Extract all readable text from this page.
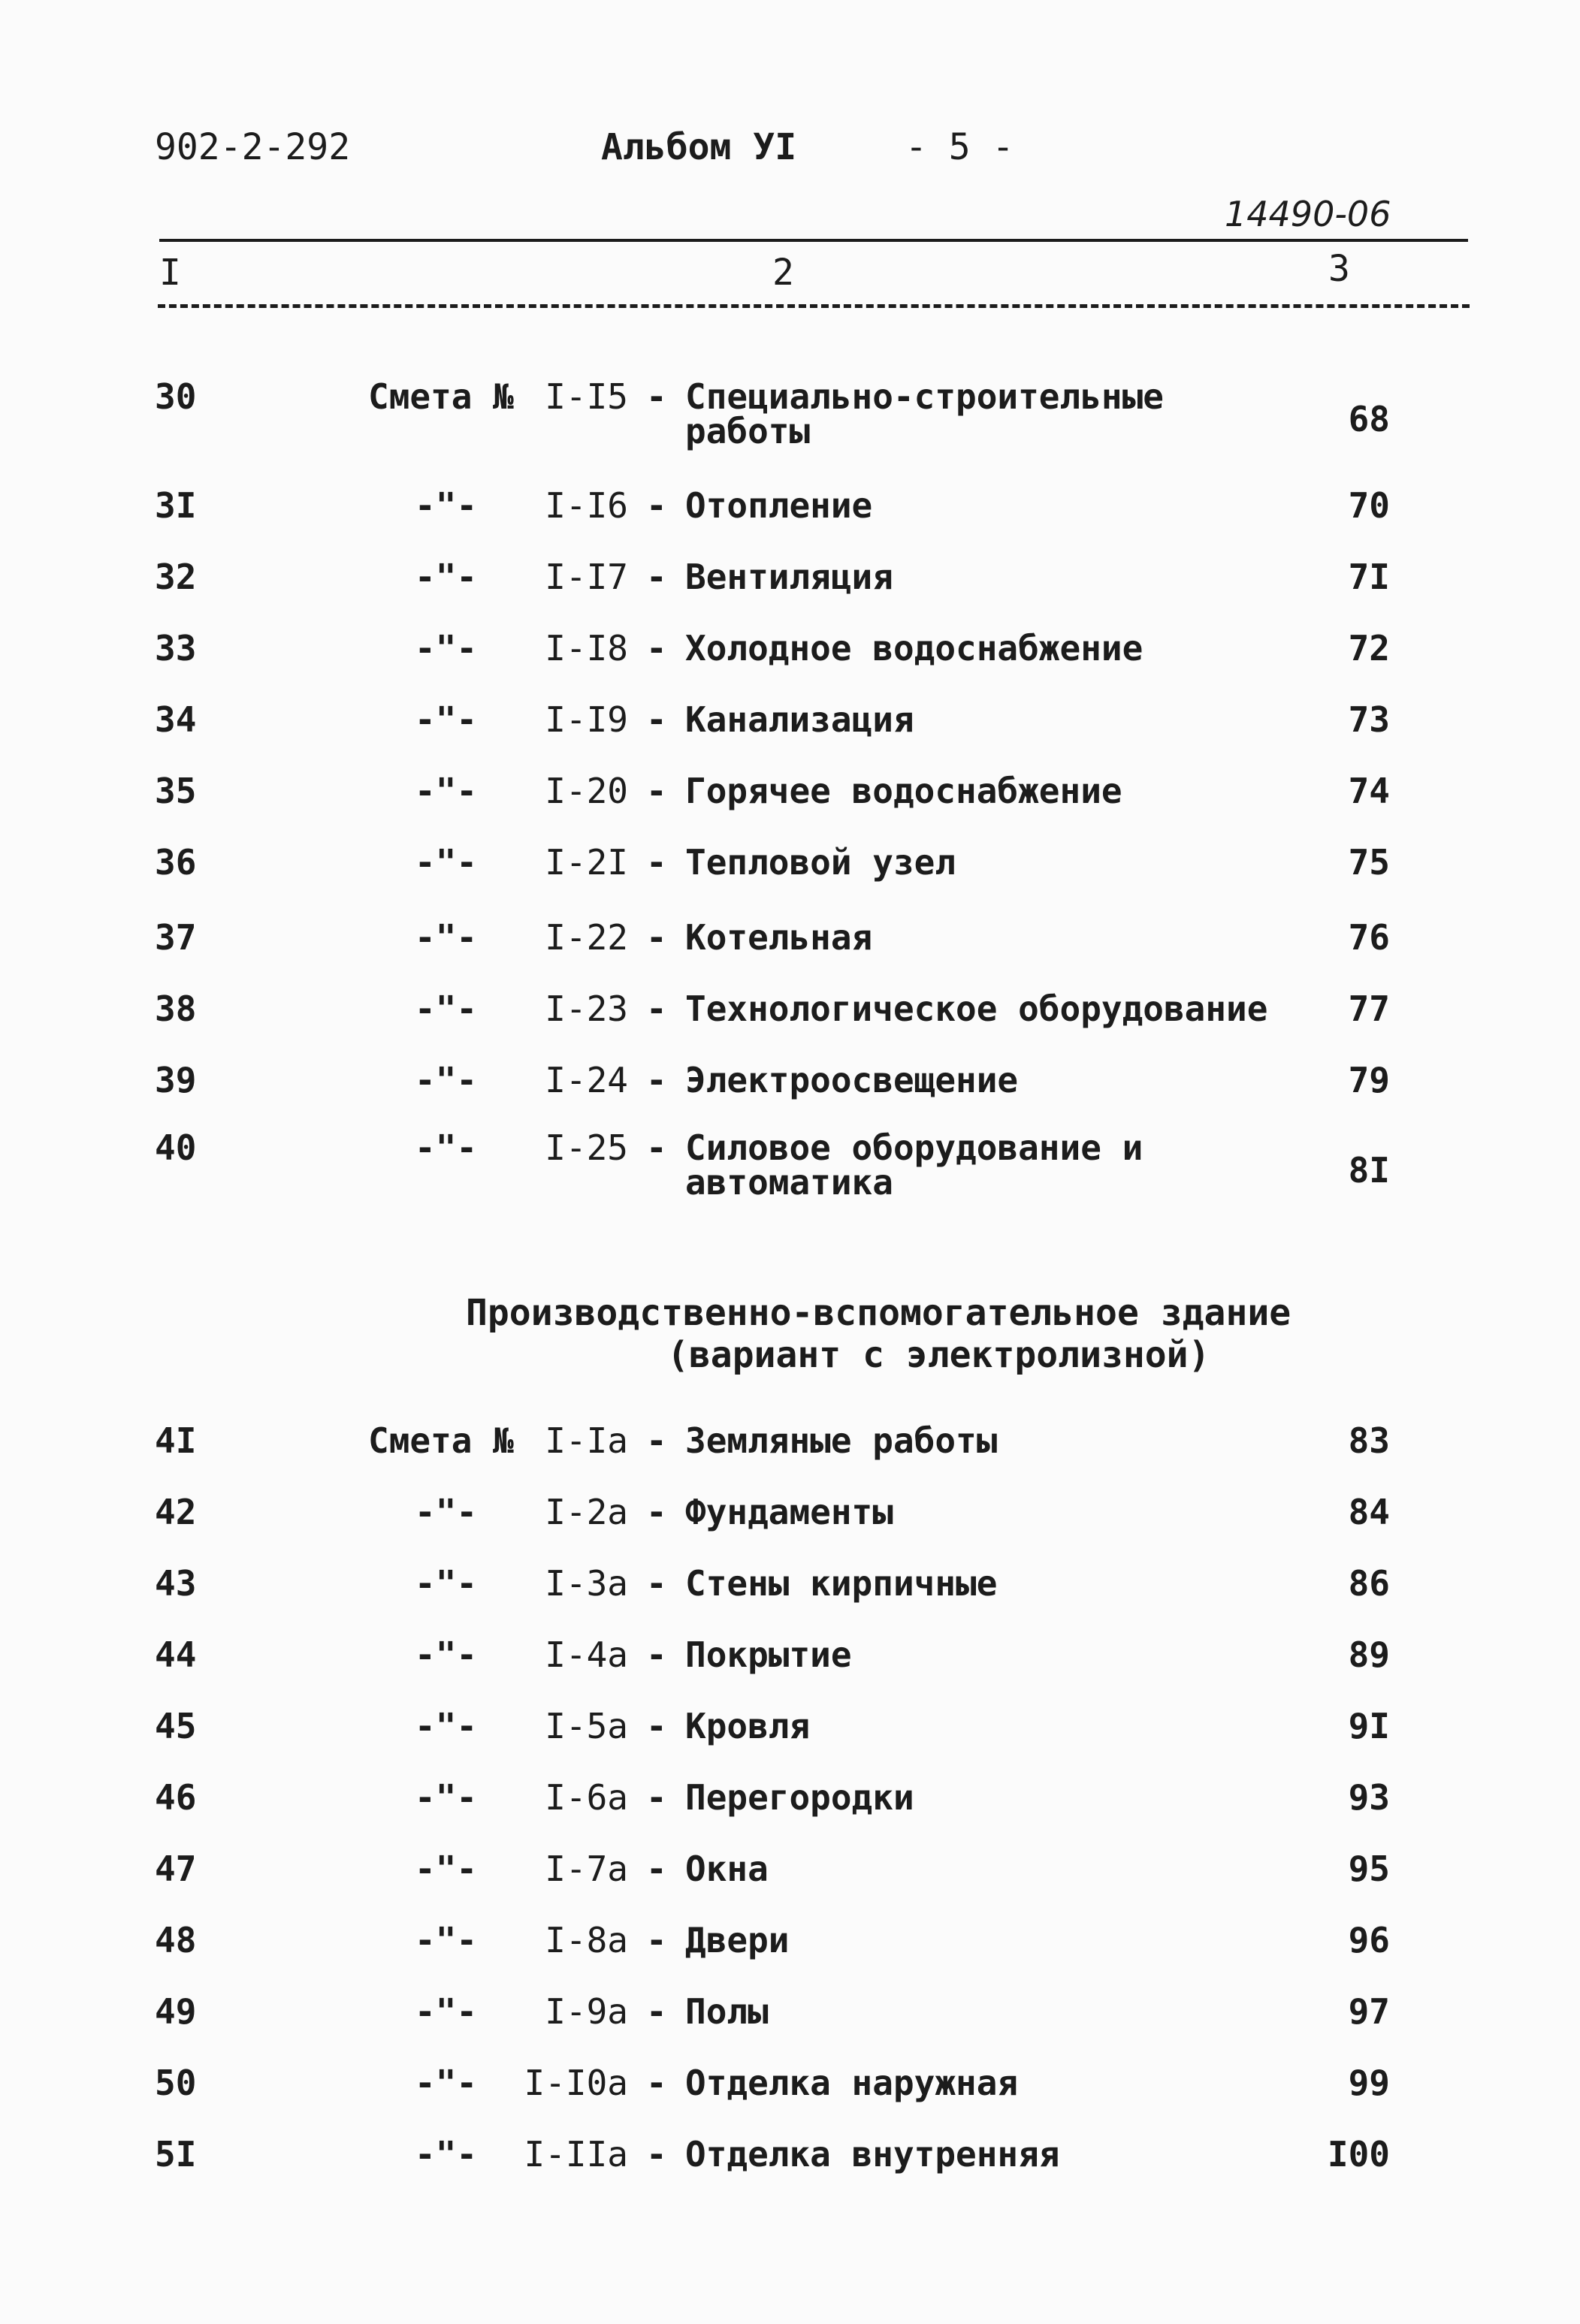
902-2-292	Альбом УI	- 5 -
14490-06
I	2	3
30	Смета № I-I5 - Специально-строительные
работы	68
3I	-"- I-I6 - Отопление	70
32	-"- I-I7 - Вентиляция	7I
33	-"- I-I8 - Холодное водоснабжение	72
34	-"- I-I9 - Канализация	73
35	-"- I-20 - Горячее водоснабжение	74
36	-"- I-2I - Тепловой узел	75
37	-"- I-22 - Котельная	76
38	-"- I-23 - Технологическое оборудование 77
39	-"- I-24 - Электроосвещение	79
40	-"- I-25 - Силовое оборудование и
автоматика	8I
Производственно-вспомогательное здание
(вариант с электролизной)
4I	Смета № I-Iа - Земляные работы	83
42	-"- I-2а - Фундаменты	84
43	-"- I-3а - Стены кирпичные	86
44	-"- I-4а - Покрытие	89
45	-"- I-5а - Кровля	9I
46	-"- I-6а - Перегородки	93
47	-"- I-7а - Окна	95
48	-"- I-8а - Двери	96
49	-"- I-9а - Полы	97
50	-"- I-I0а - Отделка наружная	99
5I	-"- I-IIа - Отделка внутренняя	I00
